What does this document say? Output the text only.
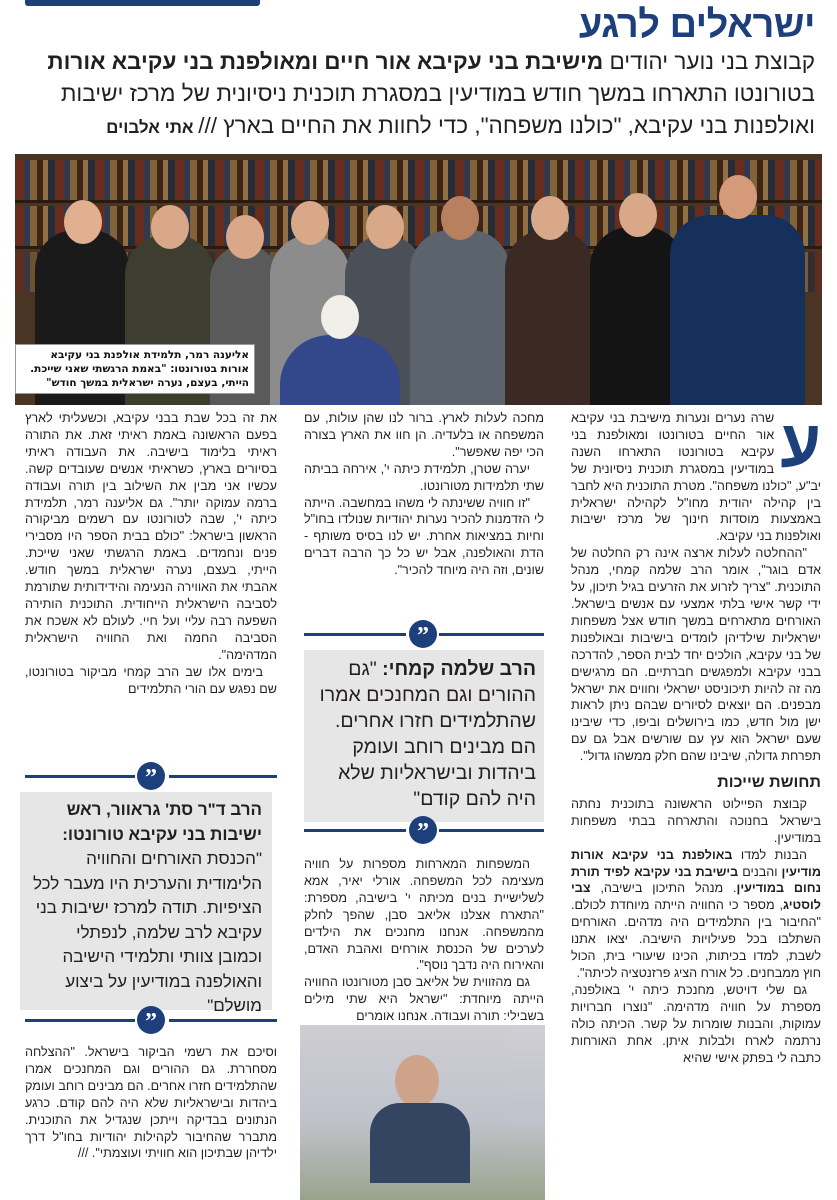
ישראלים לרגע
קבוצת בני נוער יהודים מישיבת בני עקיבא אור חיים ומאולפנת בני עקיבא אורות בטורונטו התארחו במשך חודש במודיעין במסגרת תוכנית ניסיונית של מרכז ישיבות ואולפנות בני עקיבא, "כולנו משפחה", כדי לחוות את החיים בארץ /// אתי אלבוים
אליענה רמר, תלמידת אולפנת בני עקיבא אורות בטורונטו: "באמת הרגשתי שאני שייכת. הייתי, בעצם, נערה ישראלית במשך חודש"
ע

שרה נערים ונערות מישיבת בני עקיבא אור החיים בטורונטו ומאולפנת בני עקיבא בטורונטו התארחו השנה במודיעין במסגרת תוכנית ניסיונית של יב"ע, "כולנו משפחה". מטרת התוכנית היא לחבר בין קהילה יהודית מחו"ל לקהילה ישראלית באמצעות מוסדות חינוך של מרכז ישיבות ואולפנות בני עקיבא.

"ההחלטה לעלות ארצה אינה רק החלטה של אדם בוגר", אומר הרב שלמה קמחי, מנהל התוכנית. "צריך לזרוע את הזרעים בגיל תיכון, על ידי קשר אישי בלתי אמצעי עם אנשים בישראל. האורחים מתארחים במשך חודש אצל משפחות ישראליות שילדיהן לומדים בישיבות ובאולפנות של בני עקיבא, הולכים יחד לבית הספר, להדרכה בבני עקיבא ולמפגשים חברתיים. הם מרגישים מה זה להיות תיכוניסט ישראלי וחווים את ישראל מבפנים. הם יוצאים לסיורים שבהם ניתן לראות ישן מול חדש, כמו בירושלים וביפו, כדי שיבינו שעם ישראל הוא עץ עם שורשים אבל גם עם תפרחת גדולה, שיבינו שהם חלק ממשהו גדול".

תחושת שייכות

קבוצת הפיילוט הראשונה בתוכנית נחתה בישראל בחנוכה והתארחה בבתי משפחות במודיעין.

הבנות למדו באולפנת בני עקיבא אורות מודיעין והבנים בישיבת בני עקיבא לפיד תורת נחום במודיעין. מנהל התיכון בישיבה, צבי לוסטיג, מספר כי החוויה הייתה מיוחדת לכולם. "החיבור בין התלמידים היה מדהים. האורחים השתלבו בכל פעילויות הישיבה. יצאו אתנו לשבת, למדו בכיתות, הכינו שיעורי בית, הכול חוץ ממבחנים. כל אורח הציג פרזנטציה לכיתה".

גם שלי דויטש, מחנכת כיתה י' באולפנה, מספרת על חוויה מדהימה. "נוצרו חברויות עמוקות, והבנות שומרות על קשר. הכיתה כולה נרתמה לארח ולבלות איתן. אחת האורחות כתבה לי בפתק אישי שהיא

מחכה לעלות לארץ. ברור לנו שהן עולות, עם המשפחה או בלעדיה. הן חוו את הארץ בצורה הכי יפה שאפשר".

יערה שטרן, תלמידת כיתה י', אירחה בביתה שתי תלמידות מטורונטו.

"זו חוויה ששינתה לי משהו במחשבה. הייתה לי הזדמנות להכיר נערות יהודיות שנולדו בחו"ל וחיות במציאות אחרת. יש לנו בסיס משותף - הדת והאולפנה, אבל יש כל כך הרבה דברים שונים, וזה היה מיוחד להכיר".

”
הרב שלמה קמחי: "גם ההורים וגם המחנכים אמרו שהתלמידים חזרו אחרים. הם מבינים רוחב ועומק ביהדות ובישראליות שלא היה להם קודם"
”

המשפחות המארחות מספרות על חוויה מעצימה לכל המשפחה. אורלי יאיר, אמא לשלישיית בנים מכיתה י' בישיבה, מספרת: "התארח אצלנו אליאב סבן, שהפך לחלק מהמשפחה. אנחנו מחנכים את הילדים לערכים של הכנסת אורחים ואהבת האדם, והאירוח היה נדבך נוסף".

גם מהזווית של אליאב סבן מטורונטו החוויה הייתה מיוחדת: "ישראל היא שתי מילים בשבילי: תורה ועבודה. אנחנו אומרים

את זה בכל שבת בבני עקיבא, וכשעליתי לארץ בפעם הראשונה באמת ראיתי זאת. את התורה ראיתי בלימוד בישיבה. את העבודה ראיתי בסיורים בארץ, כשראיתי אנשים שעובדים קשה. עכשיו אני מבין את השילוב בין תורה ועבודה ברמה עמוקה יותר". גם אליענה רמר, תלמידת כיתה י', שבה לטורונטו עם רשמים מביקורה הראשון בישראל: "כולם בבית הספר היו מסבירי פנים ונחמדים. באמת הרגשתי שאני שייכת. הייתי, בעצם, נערה ישראלית במשך חודש. אהבתי את האווירה הנעימה והידידותית שתורמת לסביבה הישראלית הייחודית. התוכנית הותירה השפעה רבה עליי ועל חיי. לעולם לא אשכח את הסביבה החמה ואת החוויה הישראלית המדהימה".

בימים אלו שב הרב קמחי מביקור בטורונטו, שם נפגש עם הורי התלמידים

”
הרב ד"ר סת' גראוור, ראש ישיבות בני עקיבא טורונטו: "הכנסת האורחים והחוויה הלימודית והערכית היו מעבר לכל הציפיות. תודה למרכז ישיבות בני עקיבא לרב שלמה, לנפתלי וכמובן צוותי ותלמידי הישיבה והאולפנה במודיעין על ביצוע מושלם"
”

וסיכם את רשמי הביקור בישראל. "ההצלחה מסחררת. גם ההורים וגם המחנכים אמרו שהתלמידים חזרו אחרים. הם מבינים רוחב ועומק ביהדות ובישראליות שלא היה להם קודם. כרגע הנתונים בבדיקה וייתכן שנגדיל את התוכנית. מתברר שהחיבור לקהילות יהודיות בחו"ל דרך ילדיהן שבתיכון הוא חוויתי ועוצמתי". ///
